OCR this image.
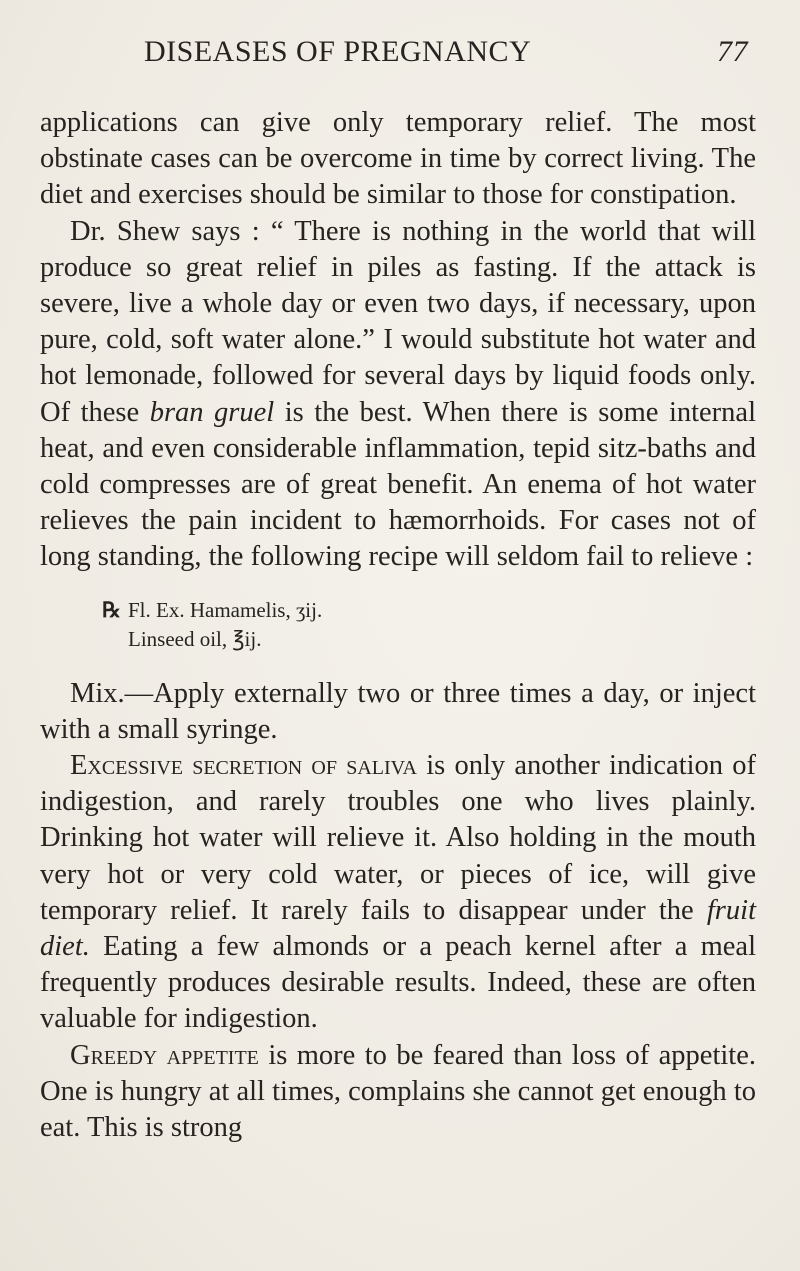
DISEASES OF PREGNANCY	77

applications can give only temporary relief. The most obstinate cases can be overcome in time by correct living. The diet and exercises should be similar to those for constipation.

Dr. Shew says : “ There is nothing in the world that will produce so great relief in piles as fasting. If the attack is severe, live a whole day or even two days, if necessary, upon pure, cold, soft water alone.” I would substitute hot water and hot lemonade, followed for several days by liquid foods only. Of these bran gruel is the best. When there is some internal heat, and even considerable inflammation, tepid sitz-baths and cold compresses are of great benefit. An enema of hot water relieves the pain incident to hæmorrhoids. For cases not of long standing, the following recipe will seldom fail to relieve :

℞ Fl. Ex. Hamamelis, ʒij.
Linseed oil, ℥ij.

Mix.—Apply externally two or three times a day, or inject with a small syringe.

Excessive secretion of saliva is only another indication of indigestion, and rarely troubles one who lives plainly. Drinking hot water will relieve it. Also holding in the mouth very hot or very cold water, or pieces of ice, will give temporary relief. It rarely fails to disappear under the fruit diet. Eating a few almonds or a peach kernel after a meal frequently produces desirable results. Indeed, these are often valuable for indigestion.

Greedy appetite is more to be feared than loss of appetite. One is hungry at all times, complains she cannot get enough to eat. This is strong
